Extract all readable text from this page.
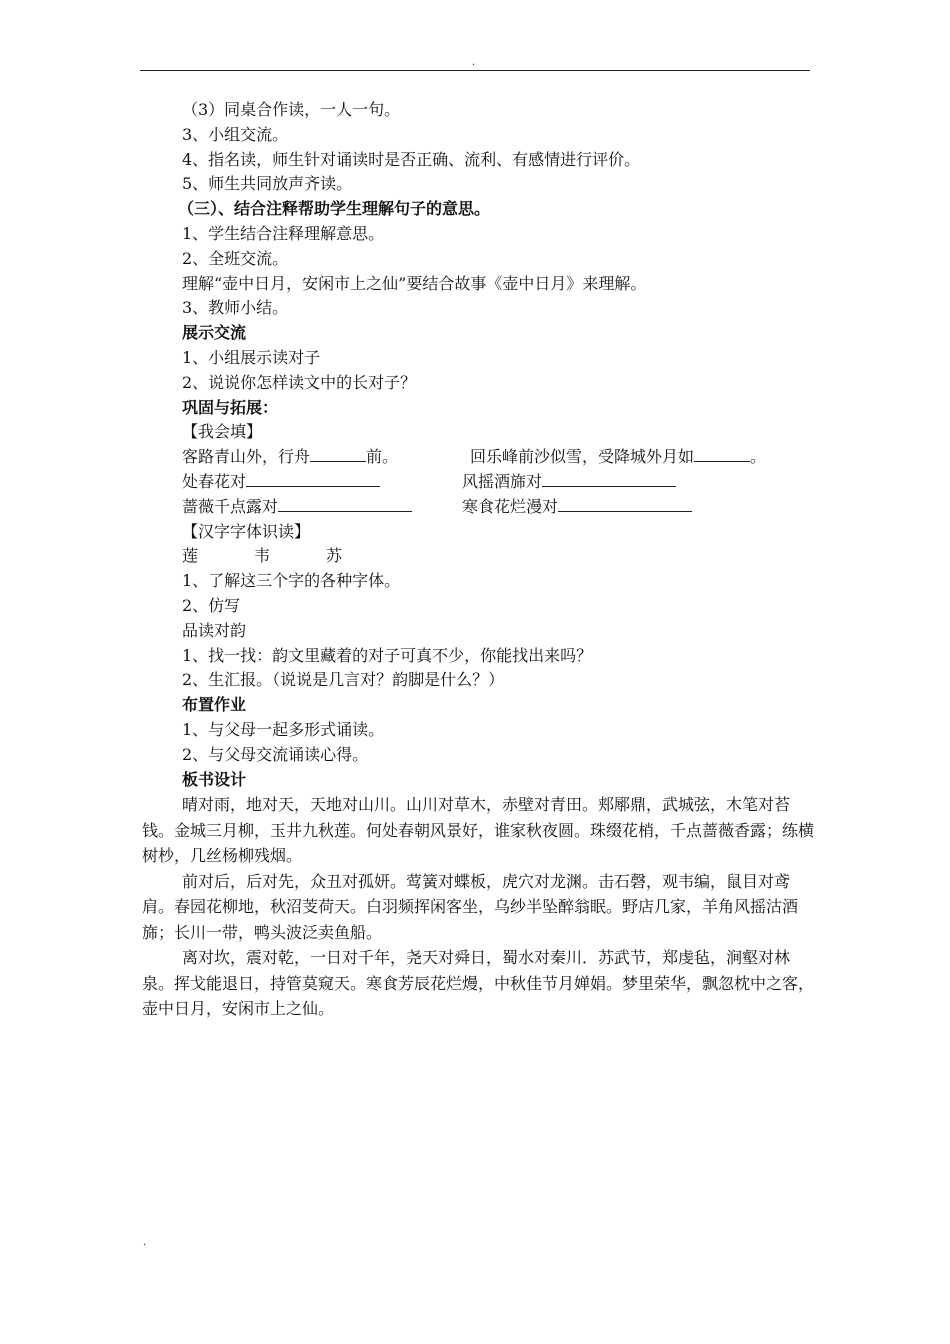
.
（3）同桌合作读，一人一句。
3、小组交流。
4、指名读，师生针对诵读时是否正确、流利、有感情进行评价。
5、师生共同放声齐读。
（三）、结合注释帮助学生理解句子的意思。
1、学生结合注释理解意思。
2、全班交流。
理解“壶中日月，安闲市上之仙”要结合故事《壶中日月》来理解。
3、教师小结。
展示交流
1、小组展示读对子
2、说说你怎样读文中的长对子？
巩固与拓展：
【我会填】
客路青山外，行舟	前。	回乐峰前沙似雪，受降城外月如	。
处春花对	风摇酒旆对
蔷薇千点露对	寒食花烂漫对
【汉字字体识读】
莲	韦	苏
1、了解这三个字的各种字体。
2、仿写
品读对韵
1、找一找：韵文里藏着的对子可真不少，你能找出来吗？
2、生汇报。（说说是几言对？韵脚是什么？）
布置作业
1、与父母一起多形式诵读。
2、与父母交流诵读心得。
板书设计
晴对雨，地对天，天地对山川。山川对草木，赤壁对青田。郏鄏鼎，武城弦，木笔对苔钱。金城三月柳，玉井九秋莲。何处春朝风景好，谁家秋夜圆。珠缀花梢，千点蔷薇香露；练横树杪，几丝杨柳残烟。
前对后，后对先，众丑对孤妍。莺簧对蝶板，虎穴对龙渊。击石磬，观韦编，鼠目对鸢肩。春园花柳地，秋沼芰荷天。白羽频挥闲客坐，乌纱半坠醉翁眠。野店几家，羊角风摇沽酒旆；长川一带，鸭头波泛卖鱼船。
离对坎，震对乾，一日对千年，尧天对舜日，蜀水对秦川．苏武节，郑虔毡，涧壑对林泉。挥戈能退日，持管莫窥天。寒食芳辰花烂熳，中秋佳节月婵娟。梦里荣华，飘忽枕中之客，壶中日月，安闲市上之仙。
.
